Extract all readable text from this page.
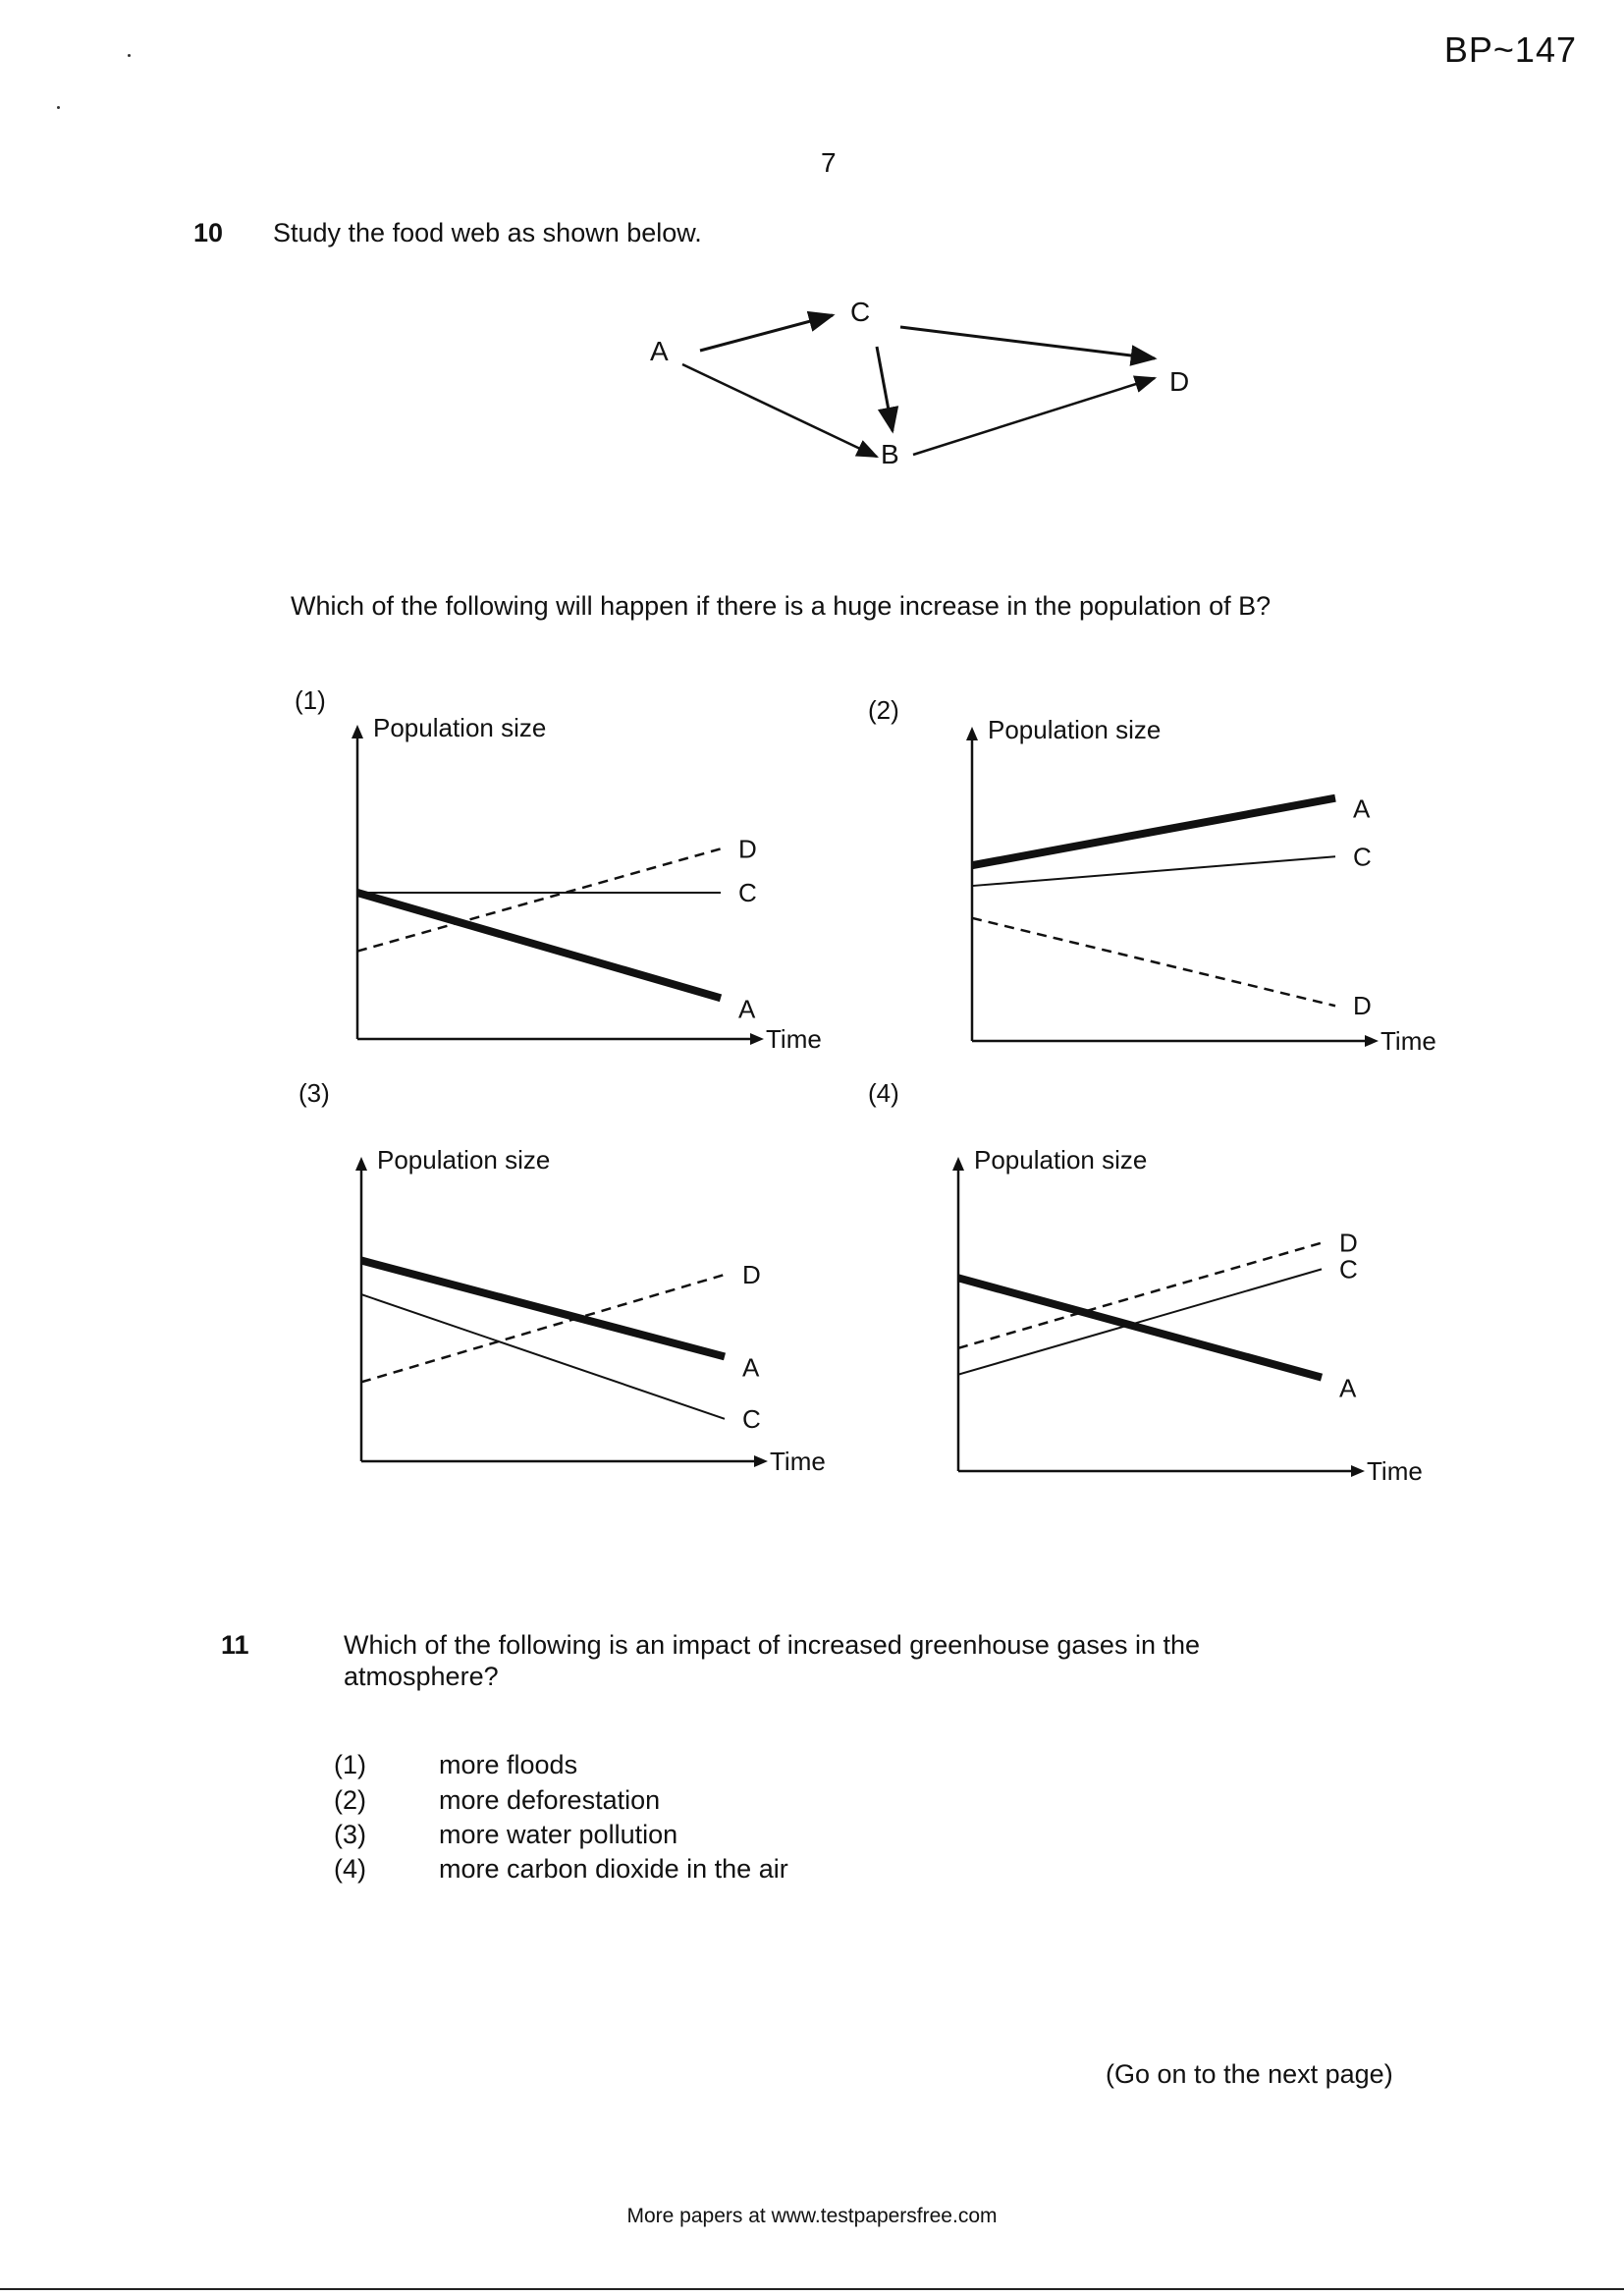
BP~147
7
10 Study the food web as shown below.
A
C
D
B
Which of the following will happen if there is a huge increase in the population of B?
(1)	(2)
(3)	(4)
Population size
Time
D
C
A
Population size
Time
A
C
D
Population size
Time
D
A
C
Population size
Time
D
C
A
11	Which of the following is an impact of increased greenhouse gases in the
atmosphere?
(1)	more floods
(2)	more deforestation
(3)	more water pollution
(4)	more carbon dioxide in the air
(Go on to the next page)
More papers at www.testpapersfree.com
